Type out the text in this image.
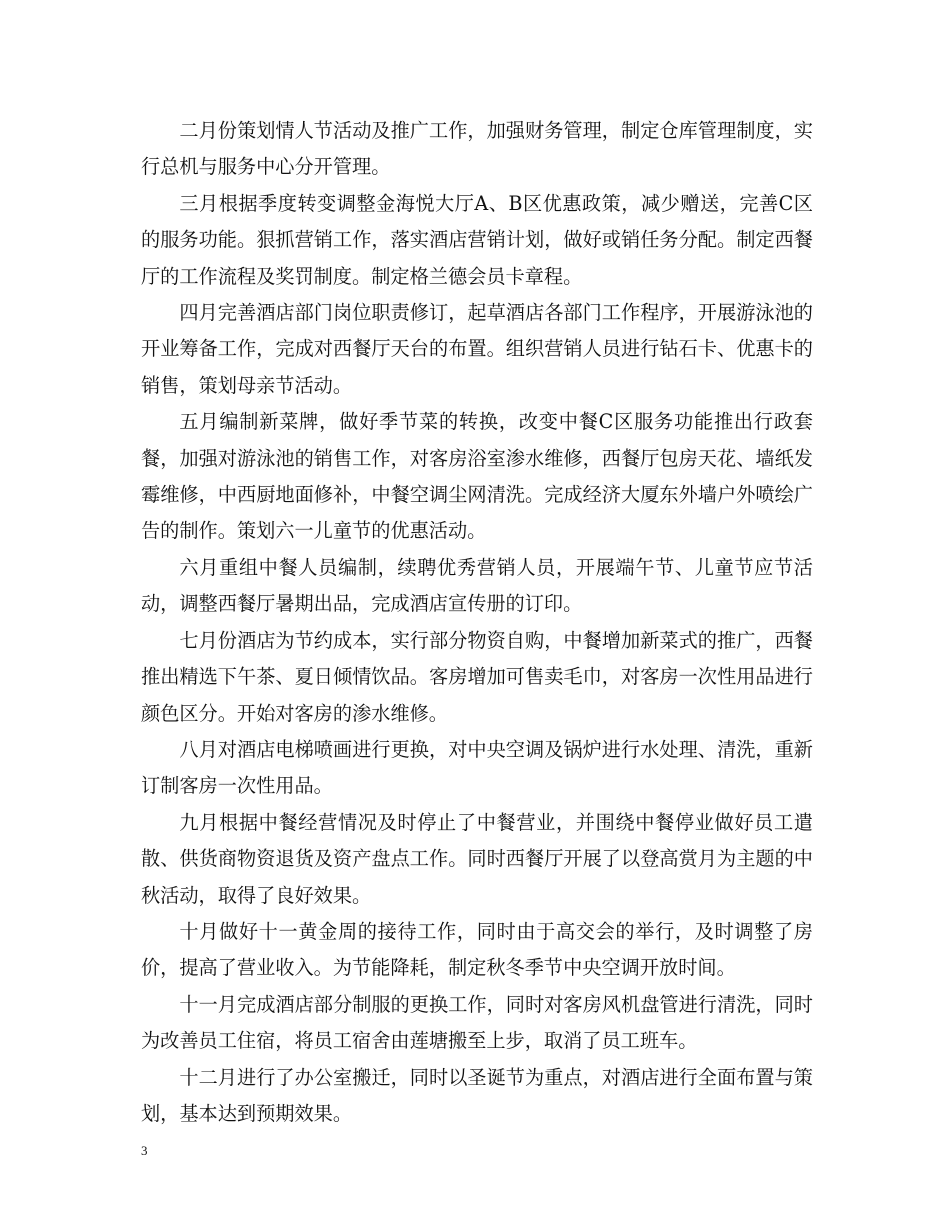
二月份策划情人节活动及推广工作，加强财务管理，制定仓库管理制度，实行总机与服务中心分开管理。

三月根据季度转变调整金海悦大厅A、B区优惠政策，减少赠送，完善C区的服务功能。狠抓营销工作，落实酒店营销计划，做好或销任务分配。制定西餐厅的工作流程及奖罚制度。制定格兰德会员卡章程。

四月完善酒店部门岗位职责修订，起草酒店各部门工作程序，开展游泳池的开业筹备工作，完成对西餐厅天台的布置。组织营销人员进行钻石卡、优惠卡的销售，策划母亲节活动。

五月编制新菜牌，做好季节菜的转换，改变中餐C区服务功能推出行政套餐，加强对游泳池的销售工作，对客房浴室渗水维修，西餐厅包房天花、墙纸发霉维修，中西厨地面修补，中餐空调尘网清洗。完成经济大厦东外墙户外喷绘广告的制作。策划六一儿童节的优惠活动。

六月重组中餐人员编制，续聘优秀营销人员，开展端午节、儿童节应节活动，调整西餐厅暑期出品，完成酒店宣传册的订印。

七月份酒店为节约成本，实行部分物资自购，中餐增加新菜式的推广，西餐推出精选下午茶、夏日倾情饮品。客房增加可售卖毛巾，对客房一次性用品进行颜色区分。开始对客房的渗水维修。

八月对酒店电梯喷画进行更换，对中央空调及锅炉进行水处理、清洗，重新订制客房一次性用品。

九月根据中餐经营情况及时停止了中餐营业，并围绕中餐停业做好员工遣散、供货商物资退货及资产盘点工作。同时西餐厅开展了以登高赏月为主题的中秋活动，取得了良好效果。

十月做好十一黄金周的接待工作，同时由于高交会的举行，及时调整了房价，提高了营业收入。为节能降耗，制定秋冬季节中央空调开放时间。

十一月完成酒店部分制服的更换工作，同时对客房风机盘管进行清洗，同时为改善员工住宿，将员工宿舍由莲塘搬至上步，取消了员工班车。

十二月进行了办公室搬迁，同时以圣诞节为重点，对酒店进行全面布置与策划，基本达到预期效果。

3
